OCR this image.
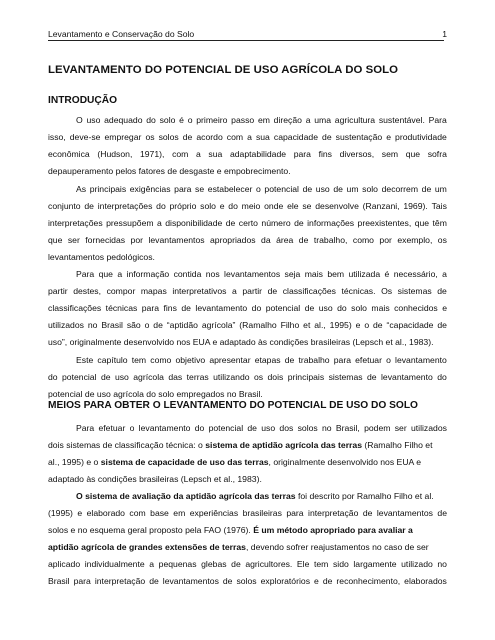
Levantamento e Conservação do Solo	1
LEVANTAMENTO DO POTENCIAL DE USO AGRÍCOLA DO SOLO
INTRODUÇÃO
O uso adequado do solo é o primeiro passo em direção a uma agricultura sustentável. Para
isso, deve-se empregar os solos de acordo com a sua capacidade de sustentação e produtividade
econômica (Hudson, 1971), com a sua adaptabilidade para fins diversos, sem que sofra
depauperamento pelos fatores de desgaste e empobrecimento.
As principais exigências para se estabelecer o potencial de uso de um solo decorrem de um
conjunto de interpretações do próprio solo e do meio onde ele se desenvolve (Ranzani, 1969). Tais
interpretações pressupõem a disponibilidade de certo número de informações preexistentes, que têm
que ser fornecidas por levantamentos apropriados da área de trabalho, como por exemplo, os
levantamentos pedológicos.
Para que a informação contida nos levantamentos seja mais bem utilizada é necessário, a
partir destes, compor mapas interpretativos a partir de classificações técnicas. Os sistemas de
classificações técnicas para fins de levantamento do potencial de uso do solo mais conhecidos e
utilizados no Brasil são o de “aptidão agrícola” (Ramalho Filho et al., 1995) e o de “capacidade de
uso”, originalmente desenvolvido nos EUA e adaptado às condições brasileiras (Lepsch et al., 1983).
Este capítulo tem como objetivo apresentar etapas de trabalho para efetuar o levantamento
do potencial de uso agrícola das terras utilizando os dois principais sistemas de levantamento do
potencial de uso agrícola do solo empregados no Brasil.
MEIOS PARA OBTER O LEVANTAMENTO DO POTENCIAL DE USO DO SOLO
Para efetuar o levantamento do potencial de uso dos solos no Brasil, podem ser utilizados
dois sistemas de classificação técnica: o sistema de aptidão agrícola das terras (Ramalho Filho et
al., 1995) e o sistema de capacidade de uso das terras , originalmente desenvolvido nos EUA e
adaptado às condições brasileiras (Lepsch et al., 1983).
O sistema de avaliação da aptidão agrícola das terras foi descrito por Ramalho Filho et al.
(1995) e elaborado com base em experiências brasileiras para interpretação de levantamentos de
solos e no esquema geral proposto pela FAO (1976). É um método apropriado para avaliar a
aptidão agrícola de grandes extensões de terras , devendo sofrer reajustamentos no caso de ser
aplicado individualmente a pequenas glebas de agricultores. Ele tem sido largamente utilizado no
Brasil para interpretação de levantamentos de solos exploratórios e de reconhecimento, elaborados
